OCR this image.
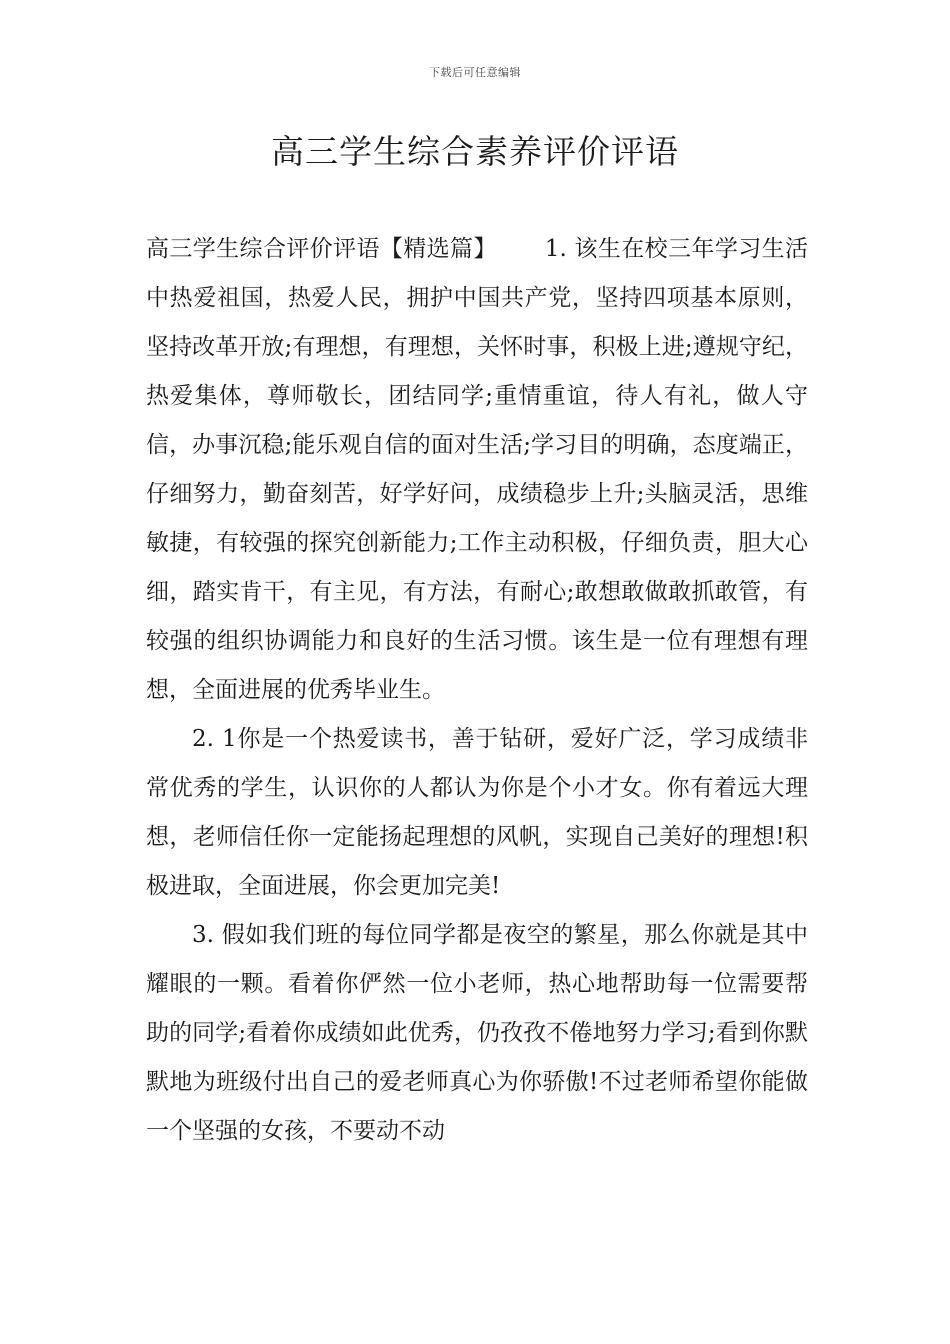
下载后可任意编辑
高三学生综合素养评价评语

高三学生综合评价评语【精选篇】 1. 该生在校三年学习生活中热爱祖国，热爱人民，拥护中国共产党，坚持四项基本原则，坚持改革开放;有理想，有理想，关怀时事，积极上进;遵规守纪，热爱集体，尊师敬长，团结同学;重情重谊，待人有礼，做人守信，办事沉稳;能乐观自信的面对生活;学习目的明确，态度端正，仔细努力，勤奋刻苦，好学好问，成绩稳步上升;头脑灵活，思维敏捷，有较强的探究创新能力;工作主动积极，仔细负责，胆大心细，踏实肯干，有主见，有方法，有耐心;敢想敢做敢抓敢管，有较强的组织协调能力和良好的生活习惯。该生是一位有理想有理想，全面进展的优秀毕业生。

2. 1你是一个热爱读书，善于钻研，爱好广泛，学习成绩非常优秀的学生，认识你的人都认为你是个小才女。你有着远大理想，老师信任你一定能扬起理想的风帆，实现自己美好的理想!积极进取，全面进展，你会更加完美!

3. 假如我们班的每位同学都是夜空的繁星，那么你就是其中耀眼的一颗。看着你俨然一位小老师，热心地帮助每一位需要帮助的同学;看着你成绩如此优秀，仍孜孜不倦地努力学习;看到你默默地为班级付出自己的爱老师真心为你骄傲!不过老师希望你能做一个坚强的女孩，不要动不动
